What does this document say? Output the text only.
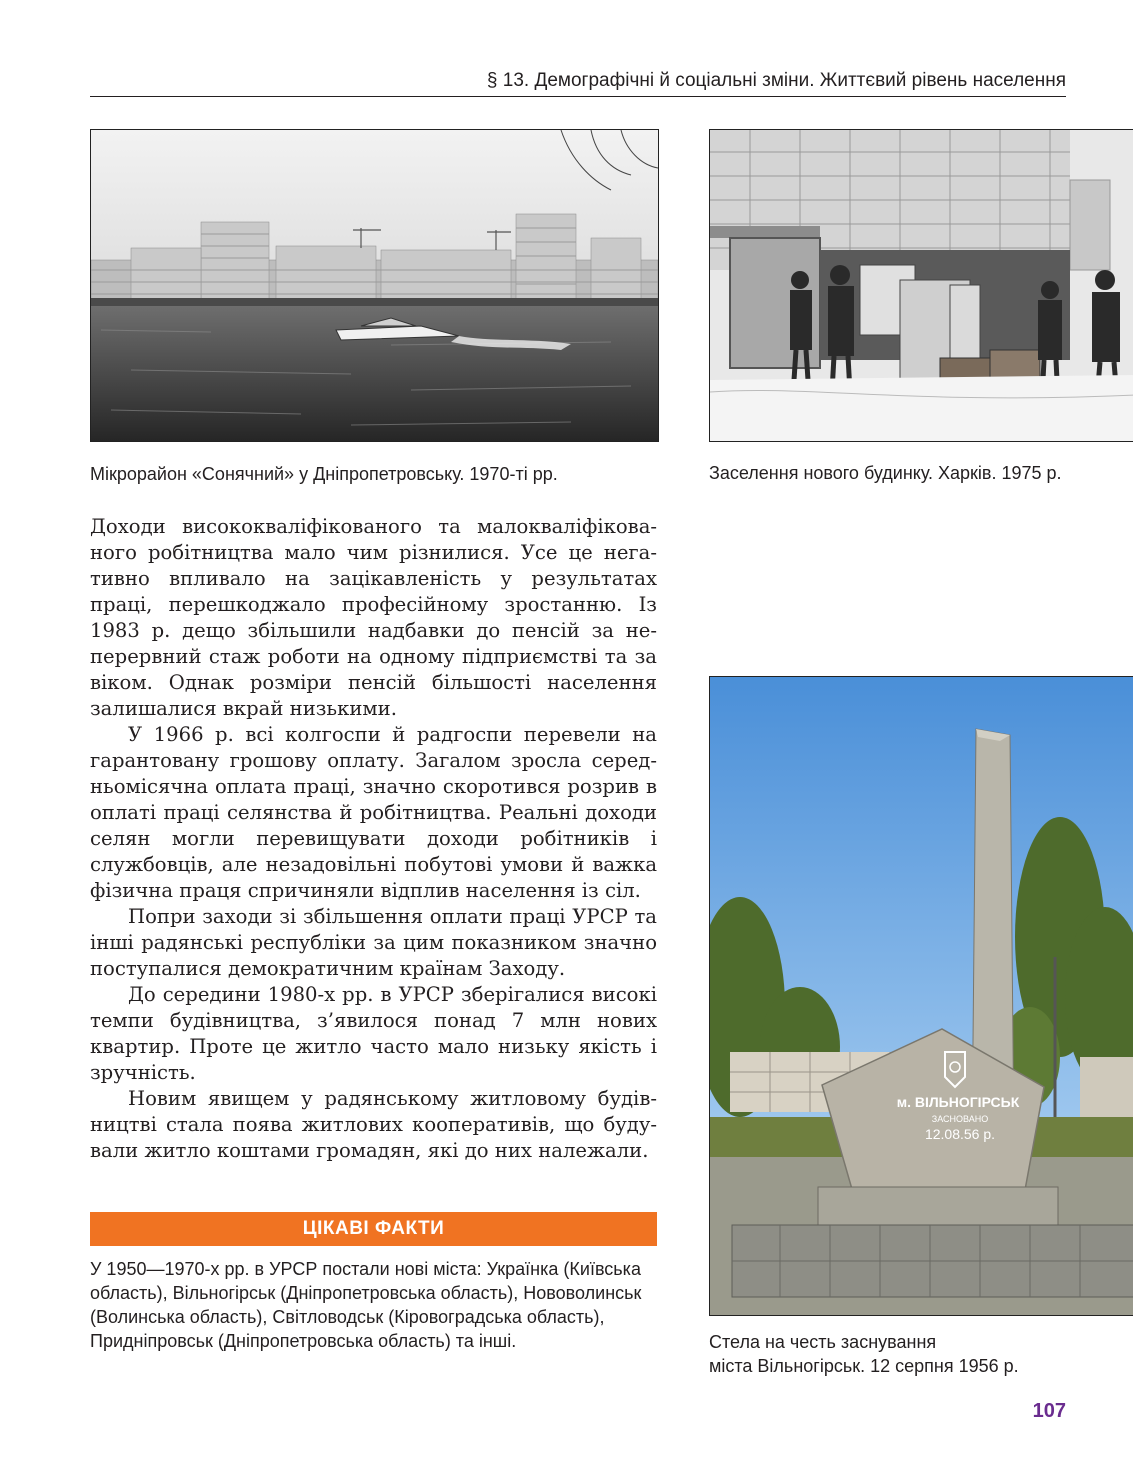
§ 13. Демографічні й соціальні зміни. Життєвий рівень населення
Мікрорайон «Сонячний» у Дніпропетровську. 1970-ті рр.	Заселення нового будинку. Харків. 1975 р.

Доходи висококваліфікованого та малокваліфікованого робітництва мало чим різнилися. Усе це негативно впливало на зацікавленість у результатах праці, перешкоджало професійному зростанню. Із 1983 р. дещо збільшили надбавки до пенсій за неперервний стаж роботи на одному підприємстві та за віком. Однак розміри пенсій більшості населення залишалися вкрай низькими.

У 1966 р. всі колгоспи й радгоспи перевели на гарантовану грошову оплату. Загалом зросла середньомісячна оплата праці, значно скоротився розрив в оплаті праці селянства й робітництва. Реальні доходи селян могли перевищувати доходи робітників і службовців, але незадовільні побутові умови й важка фізична праця спричиняли відплив населення із сіл.

Попри заходи зі збільшення оплати праці УРСР та інші радянські республіки за цим показником значно поступалися демократичним країнам Заходу.

До середини 1980-х рр. в УРСР зберігалися високі темпи будівництва, з’явилося понад 7 млн нових квартир. Проте це житло часто мало низьку якість і зручність.

Новим явищем у радянському житловому будівництві стала поява житлових кооперативів, що будували житло коштами громадян, які до них належали.

ЦІКАВІ ФАКТИ
У 1950—1970-х рр. в УРСР постали нові міста: Українка (Київська область), Вільногірськ (Дніпропетровська область), Нововолинськ (Волинська область), Світловодськ (Кіровоградська область), Придніпровськ (Дніпропетровська область) та інші.
м. ВІЛЬНОГІРСЬК
ЗАСНОВАНО
12.08.56 р.
Стела на честь заснування
міста Вільногірськ. 12 серпня 1956 р.
107
